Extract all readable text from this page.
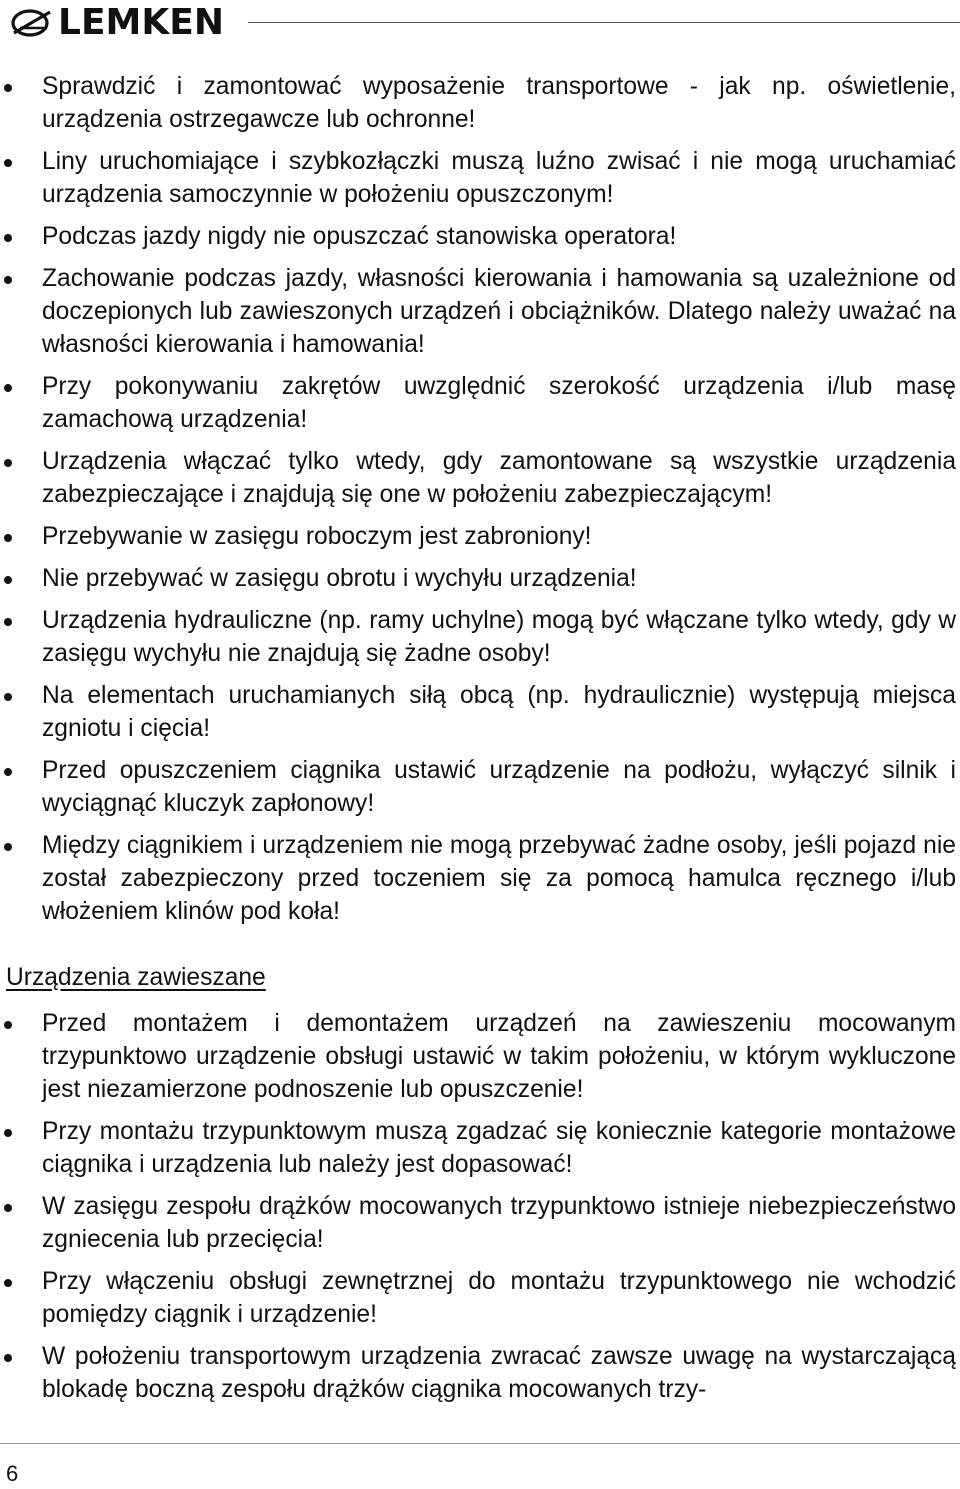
LEMKEN
Sprawdzić i zamontować wyposażenie transportowe - jak np. oświetlenie, urządzenia ostrzegawcze lub ochronne!
Liny uruchomiające i szybkozłączki muszą luźno zwisać i nie mogą uruchamiać urządzenia samoczynnie w położeniu opuszczonym!
Podczas jazdy nigdy nie opuszczać stanowiska operatora!
Zachowanie podczas jazdy, własności kierowania i hamowania są uzależnione od doczepionych lub zawieszonych urządzeń i obciążników. Dlatego należy uważać na własności kierowania i hamowania!
Przy pokonywaniu zakrętów uwzględnić szerokość urządzenia i/lub masę zamachową urządzenia!
Urządzenia włączać tylko wtedy, gdy zamontowane są wszystkie urządzenia zabezpieczające i znajdują się one w położeniu zabezpieczającym!
Przebywanie w zasięgu roboczym jest zabroniony!
Nie przebywać w zasięgu obrotu i wychyłu urządzenia!
Urządzenia hydrauliczne (np. ramy uchylne) mogą być włączane tylko wtedy, gdy w zasięgu wychyłu nie znajdują się żadne osoby!
Na elementach uruchamianych siłą obcą (np. hydraulicznie) występują miejsca zgniotu i cięcia!
Przed opuszczeniem ciągnika ustawić urządzenie na podłożu, wyłączyć silnik i wyciągnąć kluczyk zapłonowy!
Między ciągnikiem i urządzeniem nie mogą przebywać żadne osoby, jeśli pojazd nie został zabezpieczony przed toczeniem się za pomocą hamulca ręcznego i/lub włożeniem klinów pod koła!
Urządzenia zawieszane
Przed montażem i demontażem urządzeń na zawieszeniu mocowanym trzypunktowo urządzenie obsługi ustawić w takim położeniu, w którym wykluczone jest niezamierzone podnoszenie lub opuszczenie!
Przy montażu trzypunktowym muszą zgadzać się koniecznie kategorie montażowe ciągnika i urządzenia lub należy jest dopasować!
W zasięgu zespołu drążków mocowanych trzypunktowo istnieje niebezpieczeństwo zgniecenia lub przecięcia!
Przy włączeniu obsługi zewnętrznej do montażu trzypunktowego nie wchodzić pomiędzy ciągnik i urządzenie!
W położeniu transportowym urządzenia zwracać zawsze uwagę na wystarczającą blokadę boczną zespołu drążków ciągnika mocowanych trzy-
6
